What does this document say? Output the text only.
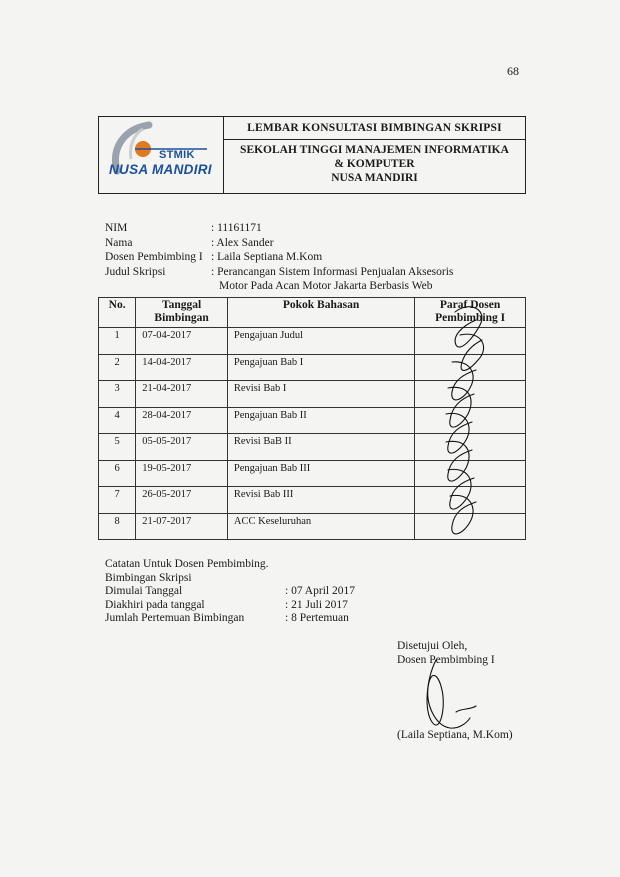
68
STMIK
NUSA MANDIRI
LEMBAR KONSULTASI BIMBINGAN SKRIPSI
SEKOLAH TINGGI MANAJEMEN INFORMATIKA
& KOMPUTER
NUSA MANDIRI
NIM	: 11161171
Nama	: Alex Sander
Dosen Pembimbing I : Laila Septiana M.Kom
Judul Skripsi	: Perancangan Sistem Informasi Penjualan Aksesoris
Motor Pada Acan Motor Jakarta Berbasis Web
No.	Tanggal Bimbingan	Pokok Bahasan	Paraf Dosen Pembimbing I
1	07-04-2017	Pengajuan Judul	
2	14-04-2017	Pengajuan Bab I	
3	21-04-2017	Revisi Bab I	
4	28-04-2017	Pengajuan Bab II	
5	05-05-2017	Revisi BaB II	
6	19-05-2017	Pengajuan Bab III	
7	26-05-2017	Revisi Bab III	
8	21-07-2017	ACC Keseluruhan	
Catatan Untuk Dosen Pembimbing.
Bimbingan Skripsi
Dimulai Tanggal	: 07 April 2017
Diakhiri pada tanggal	: 21 Juli 2017
Jumlah Pertemuan Bimbingan	: 8 Pertemuan
Disetujui Oleh,
Dosen Pembimbing I
(Laila Septiana, M.Kom)
